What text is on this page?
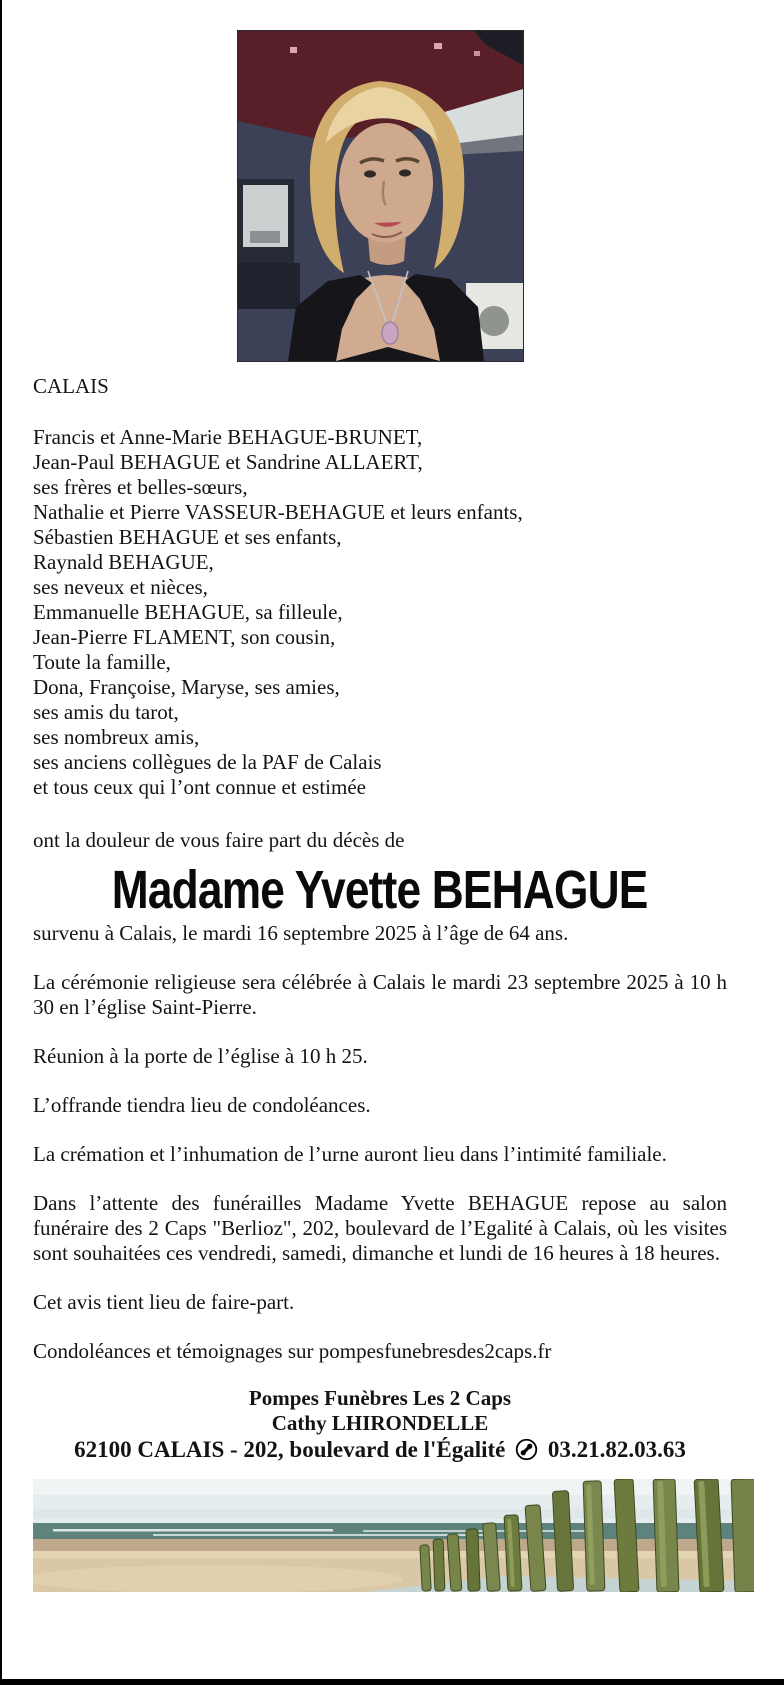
CALAIS
Francis et Anne-Marie BEHAGUE-BRUNET,
Jean-Paul BEHAGUE et Sandrine ALLAERT,
ses frères et belles-sœurs,
Nathalie et Pierre VASSEUR-BEHAGUE et leurs enfants,
Sébastien BEHAGUE et ses enfants,
Raynald BEHAGUE,
ses neveux et nièces,
Emmanuelle BEHAGUE, sa filleule,
Jean-Pierre FLAMENT, son cousin,
Toute la famille,
Dona, Françoise, Maryse, ses amies,
ses amis du tarot,
ses nombreux amis,
ses anciens collègues de la PAF de Calais
et tous ceux qui l’ont connue et estimée
ont la douleur de vous faire part du décès de
Madame Yvette BEHAGUE
survenu à Calais, le mardi 16 septembre 2025 à l’âge de 64 ans.
La cérémonie religieuse sera célébrée à Calais le mardi 23 septembre 2025 à 10 h 30 en l’église Saint-Pierre.
Réunion à la porte de l’église à 10 h 25.
L’offrande tiendra lieu de condoléances.
La crémation et l’inhumation de l’urne auront lieu dans l’intimité familiale.
Dans l’attente des funérailles Madame Yvette BEHAGUE repose au salon funéraire des 2 Caps "Berlioz", 202, boulevard de l’Egalité à Calais, où les visites sont souhaitées ces vendredi, samedi, dimanche et lundi de 16 heures à 18 heures.
Cet avis tient lieu de faire-part.
Condoléances et témoignages sur pompesfunebresdes2caps.fr
Pompes Funèbres Les 2 Caps
Cathy LHIRONDELLE
62100 CALAIS - 202, boulevard de l'Égalité 03.21.82.03.63
